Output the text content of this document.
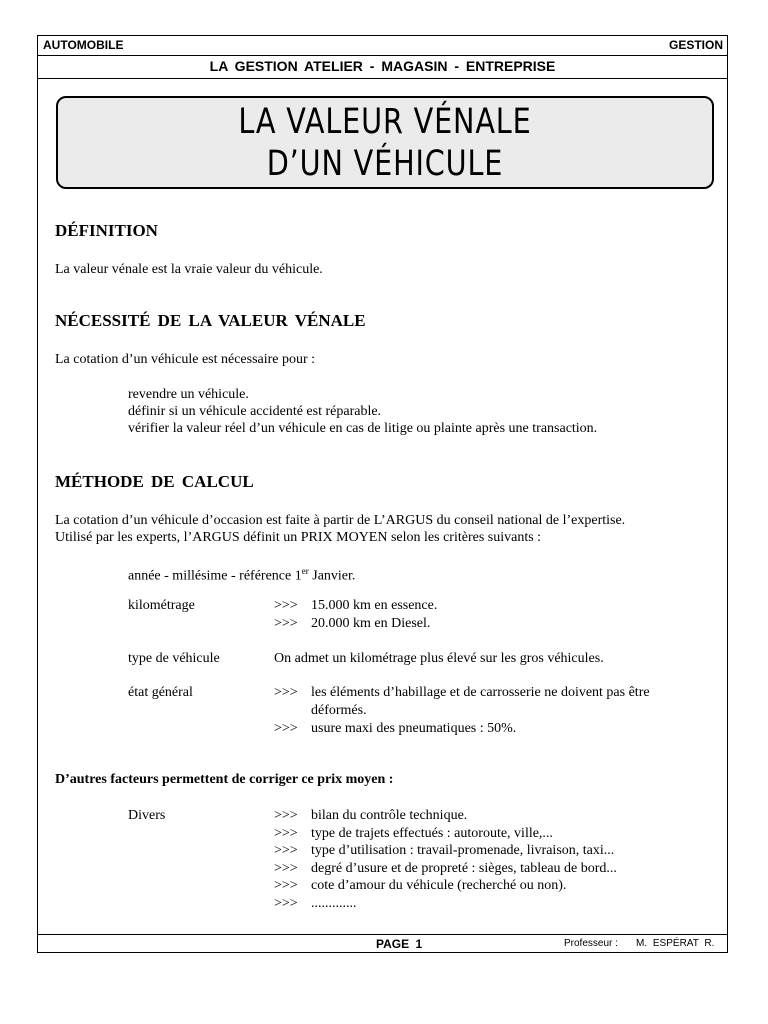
AUTOMOBILE	GESTION
LA GESTION ATELIER - MAGASIN - ENTREPRISE
LA VALEUR VÉNALE
D’UN VÉHICULE
DÉFINITION
La valeur vénale est la vraie valeur du véhicule.
NÉCESSITÉ DE LA VALEUR VÉNALE
La cotation d’un véhicule est nécessaire pour :
revendre un véhicule.
définir si un véhicule accidenté est réparable.
vérifier la valeur réel d’un véhicule en cas de litige ou plainte après une transaction.
MÉTHODE DE CALCUL
La cotation d’un véhicule d’occasion est faite à partir de L’ARGUS du conseil national de l’expertise.
Utilisé par les experts, l’ARGUS définit un PRIX MOYEN selon les critères suivants :
année - millésime - référence 1er Janvier.
kilométrage	>>> 15.000 km en essence.
>>> 20.000 km en Diesel.
type de véhicule	On admet un kilométrage plus élevé sur les gros véhicules.
état général	>>> les éléments d’habillage et de carrosserie ne doivent pas être
déformés.
>>> usure maxi des pneumatiques : 50%.
D’autres facteurs permettent de corriger ce prix moyen :
Divers	>>> bilan du contrôle technique.
>>> type de trajets effectués : autoroute, ville,...
>>> type d’utilisation : travail-promenade, livraison, taxi...
>>> degré d’usure et de propreté : sièges, tableau de bord...
>>> cote d’amour du véhicule (recherché ou non).
>>> .............
PAGE 1	Professeur : M. ESPÉRAT R.
